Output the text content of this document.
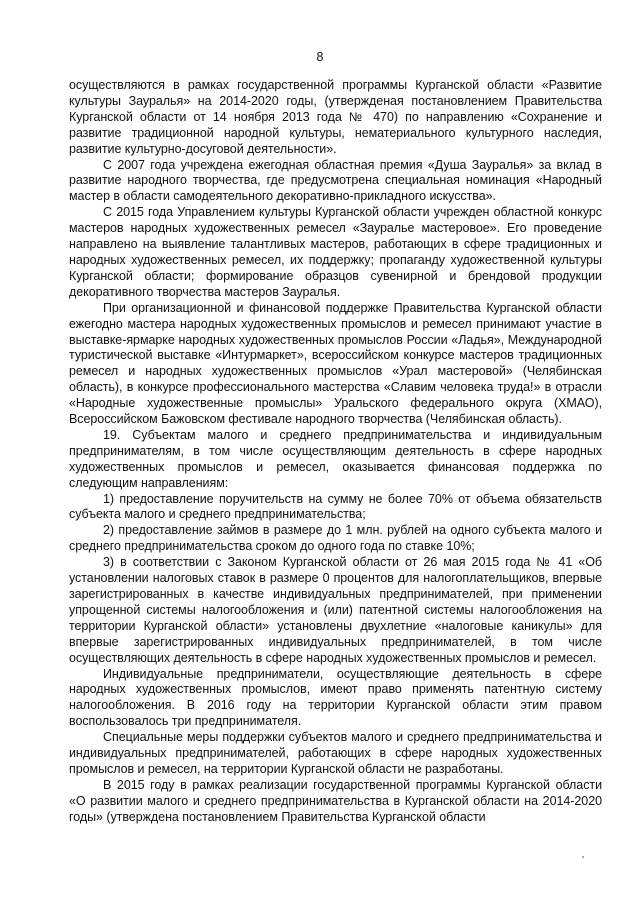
8

осуществляются в рамках государственной программы Курганской области «Развитие культуры Зауралья» на 2014-2020 годы, (утвержденая постановлением Правительства Курганской области от 14 ноября 2013 года № 470) по направлению «Сохранение и развитие традиционной народной культуры, нематериального культурного наследия, развитие культурно-досуговой деятельности».

С 2007 года учреждена ежегодная областная премия «Душа Зауралья» за вклад в развитие народного творчества, где предусмотрена специальная номинация «Народный мастер в области самодеятельного декоративно-прикладного искусства».

С 2015 года Управлением культуры Курганской области учрежден областной конкурс мастеров народных художественных ремесел «Зауралье мастеровое». Его проведение направлено на выявление талантливых мастеров, работающих в сфере традиционных и народных художественных ремесел, их поддержку; пропаганду художественной культуры Курганской области; формирование образцов сувенирной и брендовой продукции декоративного творчества мастеров Зауралья.

При организационной и финансовой поддержке Правительства Курганской области ежегодно мастера народных художественных промыслов и ремесел принимают участие в выставке-ярмарке народных художественных промыслов России «Ладья», Международной туристической выставке «Интурмаркет», всероссийском конкурсе мастеров традиционных ремесел и народных художественных промыслов «Урал мастеровой» (Челябинская область), в конкурсе профессионального мастерства «Славим человека труда!» в отрасли «Народные художественные промыслы» Уральского федерального округа (ХМАО), Всероссийском Бажовском фестивале народного творчества (Челябинская область).

19. Субъектам малого и среднего предпринимательства и индивидуальным предпринимателям, в том числе осуществляющим деятельность в сфере народных художественных промыслов и ремесел, оказывается финансовая поддержка по следующим направлениям:

1) предоставление поручительств на сумму не более 70% от объема обязательств субъекта малого и среднего предпринимательства;

2) предоставление займов в размере до 1 млн. рублей на одного субъекта малого и среднего предпринимательства сроком до одного года по ставке 10%;

3) в соответствии с Законом Курганской области от 26 мая 2015 года № 41 «Об установлении налоговых ставок в размере 0 процентов для налогоплательщиков, впервые зарегистрированных в качестве индивидуальных предпринимателей, при применении упрощенной системы налогообложения и (или) патентной системы налогообложения на территории Курганской области» установлены двухлетние «налоговые каникулы» для впервые зарегистрированных индивидуальных предпринимателей, в том числе осуществляющих деятельность в сфере народных художественных промыслов и ремесел.

Индивидуальные предприниматели, осуществляющие деятельность в сфере народных художественных промыслов, имеют право применять патентную систему налогообложения. В 2016 году на территории Курганской области этим правом воспользовалось три предпринимателя.

Специальные меры поддержки субъектов малого и среднего предпринимательства и индивидуальных предпринимателей, работающих в сфере народных художественных промыслов и ремесел, на территории Курганской области не разработаны.

В 2015 году в рамках реализации государственной программы Курганской области «О развитии малого и среднего предпринимательства в Курганской области на 2014-2020 годы» (утверждена постановлением Правительства Курганской области
